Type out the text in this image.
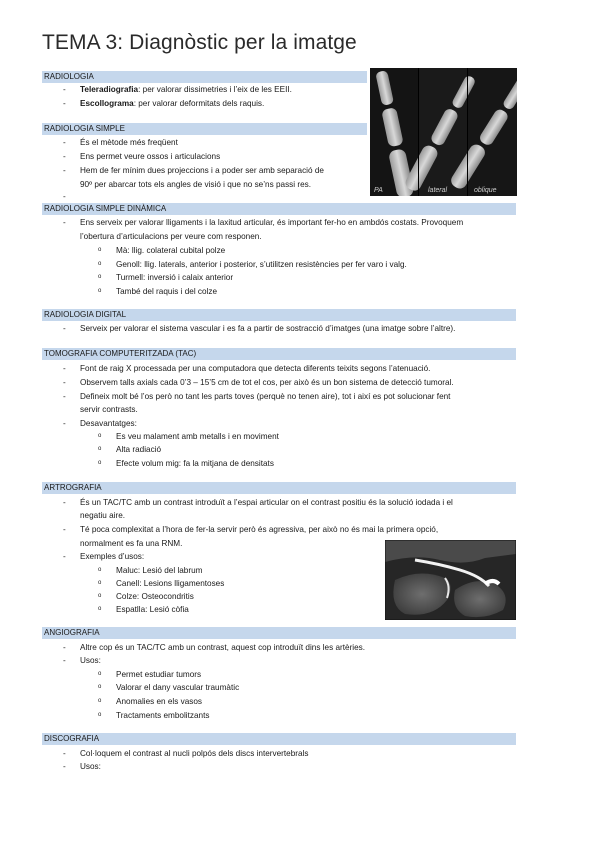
TEMA 3: Diagnòstic per la imatge
RADIOLOGIA
- Teleradiografia: per valorar dissimetries i l’eix de les EEII.
- Escollograma: per valorar deformitats dels raquis.
PA	lateral	oblique
RADIOLOGIA SIMPLE
- És el mètode més freqüent
- Ens permet veure ossos i articulacions
- Hem de fer mínim dues projeccions i a poder ser amb separació de
90º per abarcar tots els angles de visió i que no se’ns passi res.
-
RADIOLOGIA SIMPLE DINÀMICA
- Ens serveix per valorar lligaments i la laxitud articular, és important fer-ho en ambdós costats. Provoquem
l’obertura d’articulacions per veure com responen.
o Mà: llig. colateral cubital polze
o Genoll: llig. laterals, anterior i posterior, s’utilitzen resistències per fer varo i valg.
o Turmell: inversió i calaix anterior
o També del raquis i del colze
RADIOLOGIA DIGITAL
- Serveix per valorar el sistema vascular i es fa a partir de sostracció d’imatges (una imatge sobre l’altre).
TOMOGRAFIA COMPUTERITZADA (TAC)
- Font de raig X processada per una computadora que detecta diferents teixits segons l’atenuació.
- Observem talls axials cada 0’3 – 15’5 cm de tot el cos, per això és un bon sistema de detecció tumoral.
- Defineix molt bé l’os però no tant les parts toves (perquè no tenen aire), tot i així es pot solucionar fent
servir contrasts.
- Desavantatges:
o Es veu malament amb metalls i en moviment
o Alta radiació
o Efecte volum mig: fa la mitjana de densitats
ARTROGRAFIA
- És un TAC/TC amb un contrast introduït a l’espai articular on el contrast positiu és la solució iodada i el
negatiu aire.
- Té poca complexitat a l’hora de fer-la servir però és agressiva, per això no és mai la primera opció,
normalment es fa una RNM.
- Exemples d’usos:
o Maluc: Lesió del labrum
o Canell: Lesions lligamentoses
o Colze: Osteocondritis
o Espatlla: Lesió còfia
ANGIOGRAFIA
- Altre cop és un TAC/TC amb un contrast, aquest cop introduït dins les artèries.
- Usos:
o Permet estudiar tumors
o Valorar el dany vascular traumàtic
o Anomalies en els vasos
o Tractaments embolitzants
DISCOGRAFIA
- Col·loquem el contrast al nucli polpós dels discs intervertebrals
- Usos:
